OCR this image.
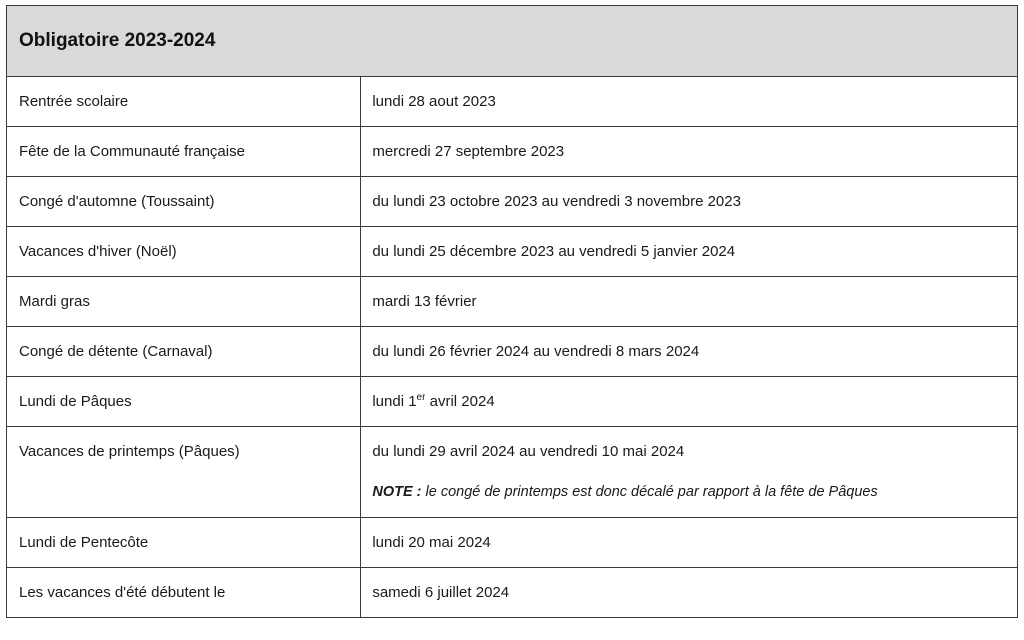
Obligatoire 2023-2024	
Rentrée scolaire	lundi 28 aout 2023
Fête de la Communauté française	mercredi 27 septembre 2023
Congé d'automne (Toussaint)	du lundi 23 octobre 2023 au vendredi 3 novembre 2023
Vacances d'hiver (Noël)	du lundi 25 décembre 2023 au vendredi 5 janvier 2024
Mardi gras	mardi 13 février
Congé de détente (Carnaval)	du lundi 26 février 2024 au vendredi 8 mars 2024
Lundi de Pâques	lundi 1er avril 2024
Vacances de printemps (Pâques)	du lundi 29 avril 2024 au vendredi 10 mai 2024
NOTE : le congé de printemps est donc décalé par rapport à la fête de Pâques

Lundi de Pentecôte	lundi 20 mai 2024
Les vacances d'été débutent le	samedi 6 juillet 2024
